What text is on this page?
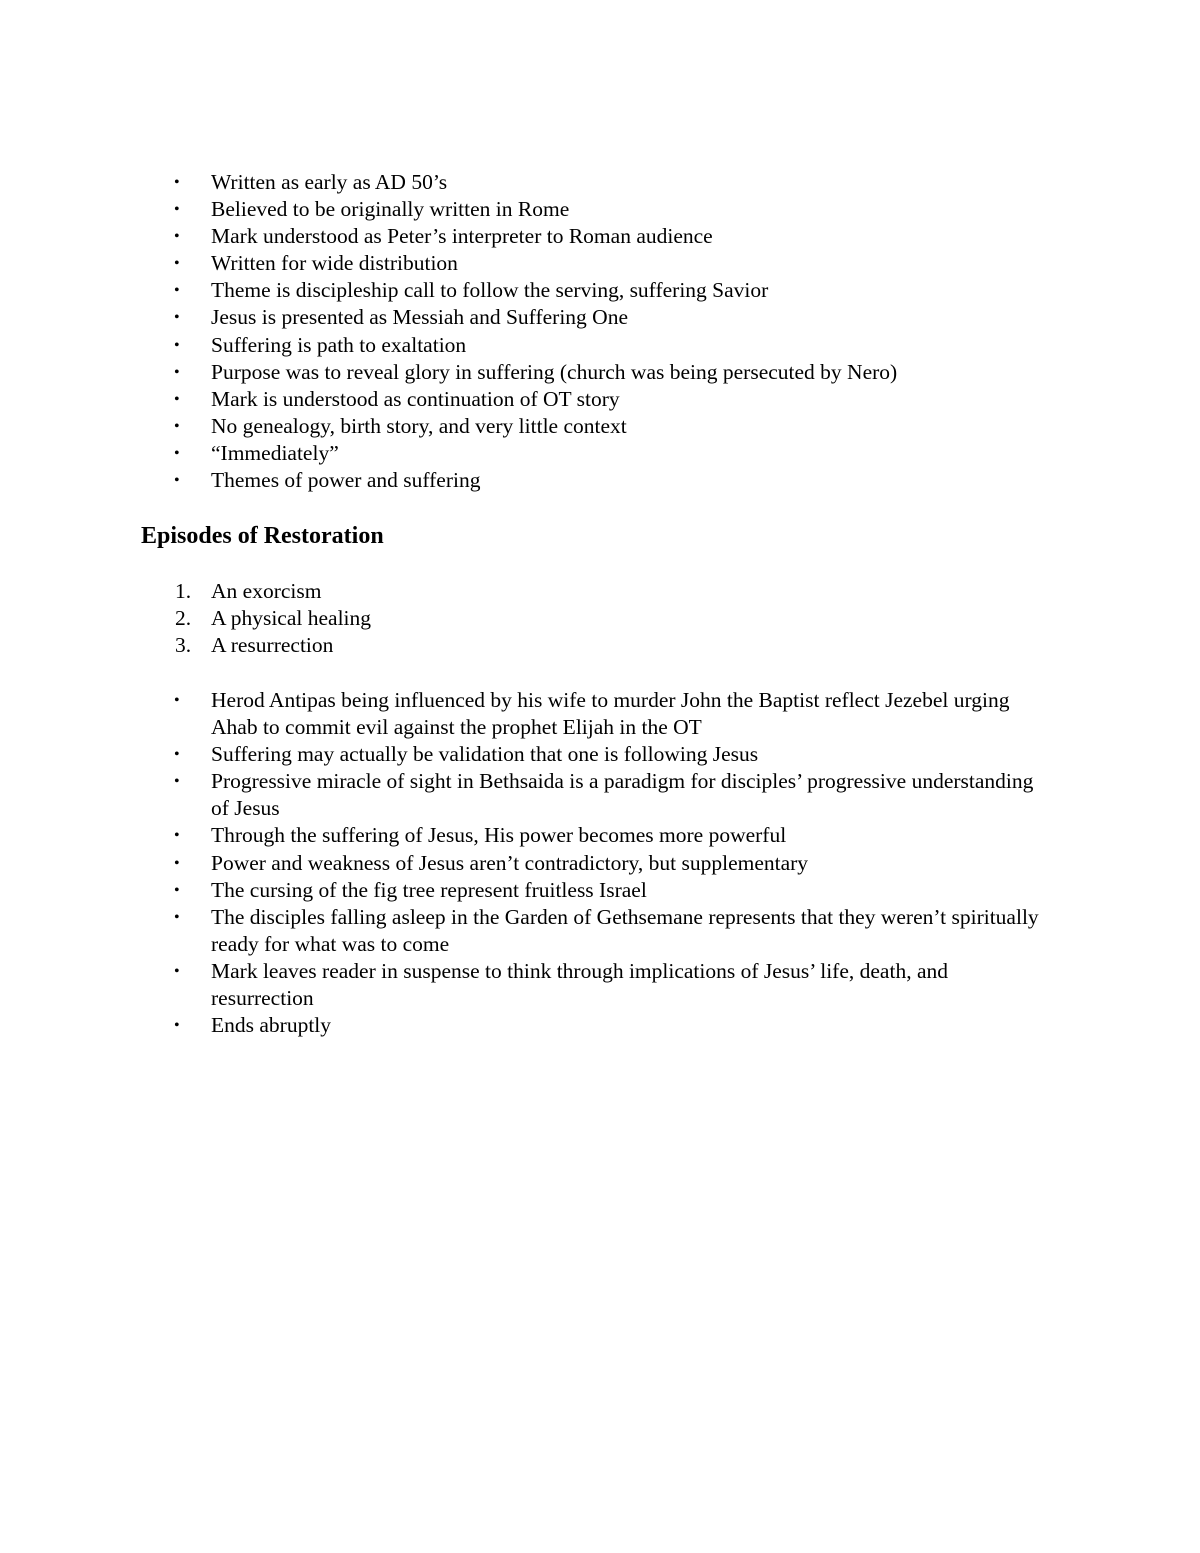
• Written as early as AD 50’s
• Believed to be originally written in Rome
• Mark understood as Peter’s interpreter to Roman audience
• Written for wide distribution
• Theme is discipleship call to follow the serving, suffering Savior
• Jesus is presented as Messiah and Suffering One
• Suffering is path to exaltation
• Purpose was to reveal glory in suffering (church was being persecuted by Nero)
• Mark is understood as continuation of OT story
• No genealogy, birth story, and very little context
• “Immediately”
• Themes of power and suffering
Episodes of Restoration
1. An exorcism
2. A physical healing
3. A resurrection
• Herod Antipas being influenced by his wife to murder John the Baptist reflect Jezebel urging Ahab to commit evil against the prophet Elijah in the OT
• Suffering may actually be validation that one is following Jesus
• Progressive miracle of sight in Bethsaida is a paradigm for disciples’ progressive understanding of Jesus
• Through the suffering of Jesus, His power becomes more powerful
• Power and weakness of Jesus aren’t contradictory, but supplementary
• The cursing of the fig tree represent fruitless Israel
• The disciples falling asleep in the Garden of Gethsemane represents that they weren’t spiritually ready for what was to come
• Mark leaves reader in suspense to think through implications of Jesus’ life, death, and resurrection
• Ends abruptly
